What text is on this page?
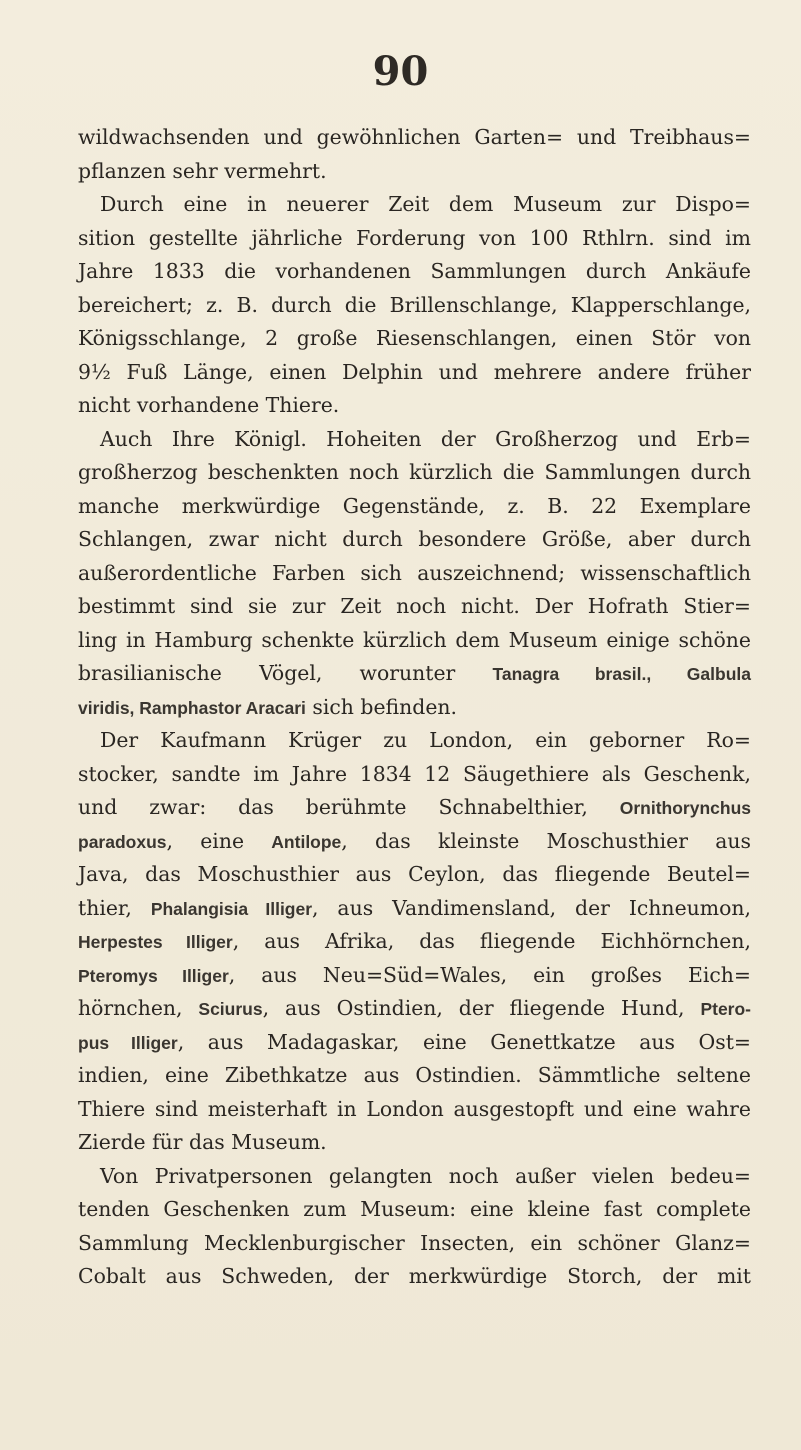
90
wildwachsenden und gewöhnlichen Garten= und Treibhaus=
pflanzen sehr vermehrt.
Durch eine in neuerer Zeit dem Museum zur Dispo=
sition gestellte jährliche Forderung von 100 Rthlrn. sind im
Jahre 1833 die vorhandenen Sammlungen durch Ankäufe
bereichert; z. B. durch die Brillenschlange, Klapperschlange,
Königsschlange, 2 große Riesenschlangen, einen Stör von
9½ Fuß Länge, einen Delphin und mehrere andere früher
nicht vorhandene Thiere.
Auch Ihre Königl. Hoheiten der Großherzog und Erb=
großherzog beschenkten noch kürzlich die Sammlungen durch
manche merkwürdige Gegenstände, z. B. 22 Exemplare
Schlangen, zwar nicht durch besondere Größe, aber durch
außerordentliche Farben sich auszeichnend; wissenschaftlich
bestimmt sind sie zur Zeit noch nicht. Der Hofrath Stier=
ling in Hamburg schenkte kürzlich dem Museum einige schöne
brasilianische Vögel, worunter Tanagra brasil., Galbula
viridis, Ramphastor Aracari sich befinden.
Der Kaufmann Krüger zu London, ein geborner Ro=
stocker, sandte im Jahre 1834 12 Säugethiere als Geschenk,
und zwar: das berühmte Schnabelthier, Ornithorynchus
paradoxus, eine Antilope, das kleinste Moschusthier aus
Java, das Moschusthier aus Ceylon, das fliegende Beutel=
thier, Phalangisia Illiger, aus Vandimensland, der Ichneumon,
Herpestes Illiger, aus Afrika, das fliegende Eichhörnchen,
Pteromys Illiger, aus Neu=Süd=Wales, ein großes Eich=
hörnchen, Sciurus, aus Ostindien, der fliegende Hund, Ptero-
pus Illiger, aus Madagaskar, eine Genettkatze aus Ost=
indien, eine Zibethkatze aus Ostindien. Sämmtliche seltene
Thiere sind meisterhaft in London ausgestopft und eine wahre
Zierde für das Museum.
Von Privatpersonen gelangten noch außer vielen bedeu=
tenden Geschenken zum Museum: eine kleine fast complete
Sammlung Mecklenburgischer Insecten, ein schöner Glanz=
Cobalt aus Schweden, der merkwürdige Storch, der mit
